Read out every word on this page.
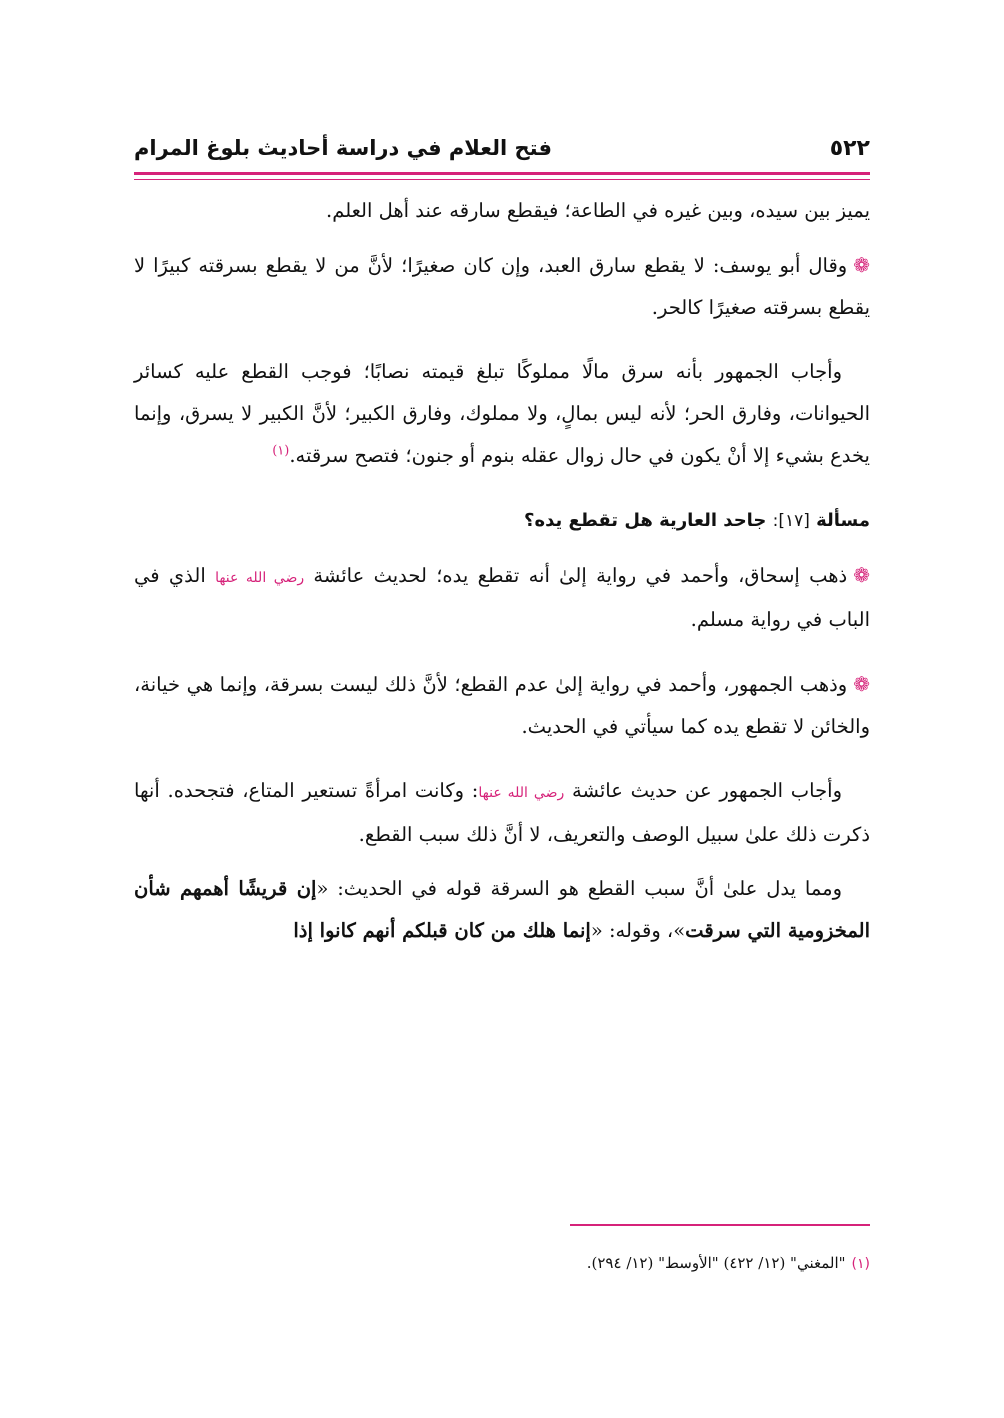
٥٢٢
فتح العلام في دراسة أحاديث بلوغ المرام

يميز بين سيده، وبين غيره في الطاعة؛ فيقطع سارقه عند أهل العلم.

❁وقال أبو يوسف: لا يقطع سارق العبد، وإن كان صغيرًا؛ لأنَّ من لا يقطع بسرقته كبيرًا لا يقطع بسرقته صغيرًا كالحر.

وأجاب الجمهور بأنه سرق مالًا مملوكًا تبلغ قيمته نصابًا؛ فوجب القطع عليه كسائر الحيوانات، وفارق الحر؛ لأنه ليس بمالٍ، ولا مملوك، وفارق الكبير؛ لأنَّ الكبير لا يسرق، وإنما يخدع بشيء إلا أنْ يكون في حال زوال عقله بنوم أو جنون؛ فتصح سرقته.$^{(١)}$

مسألة [١٧]: جاحد العارية هل تقطع يده؟

❁ذهب إسحاق، وأحمد في رواية إلىٰ أنه تقطع يده؛ لحديث عائشة رضي الله عنها الذي في الباب في رواية مسلم.

❁وذهب الجمهور، وأحمد في رواية إلىٰ عدم القطع؛ لأنَّ ذلك ليست بسرقة، وإنما هي خيانة، والخائن لا تقطع يده كما سيأتي في الحديث.

وأجاب الجمهور عن حديث عائشة رضي الله عنها: وكانت امرأةً تستعير المتاع، فتجحده. أنها ذكرت ذلك علىٰ سبيل الوصف والتعريف، لا أنَّ ذلك سبب القطع.

ومما يدل علىٰ أنَّ سبب القطع هو السرقة قوله في الحديث: «إن قريشًا أهمهم شأن المخزومية التي سرقت»، وقوله: «إنما هلك من كان قبلكم أنهم كانوا إذا

(١)"المغني" (١٢/ ٤٢٢) "الأوسط" (١٢/ ٢٩٤).
